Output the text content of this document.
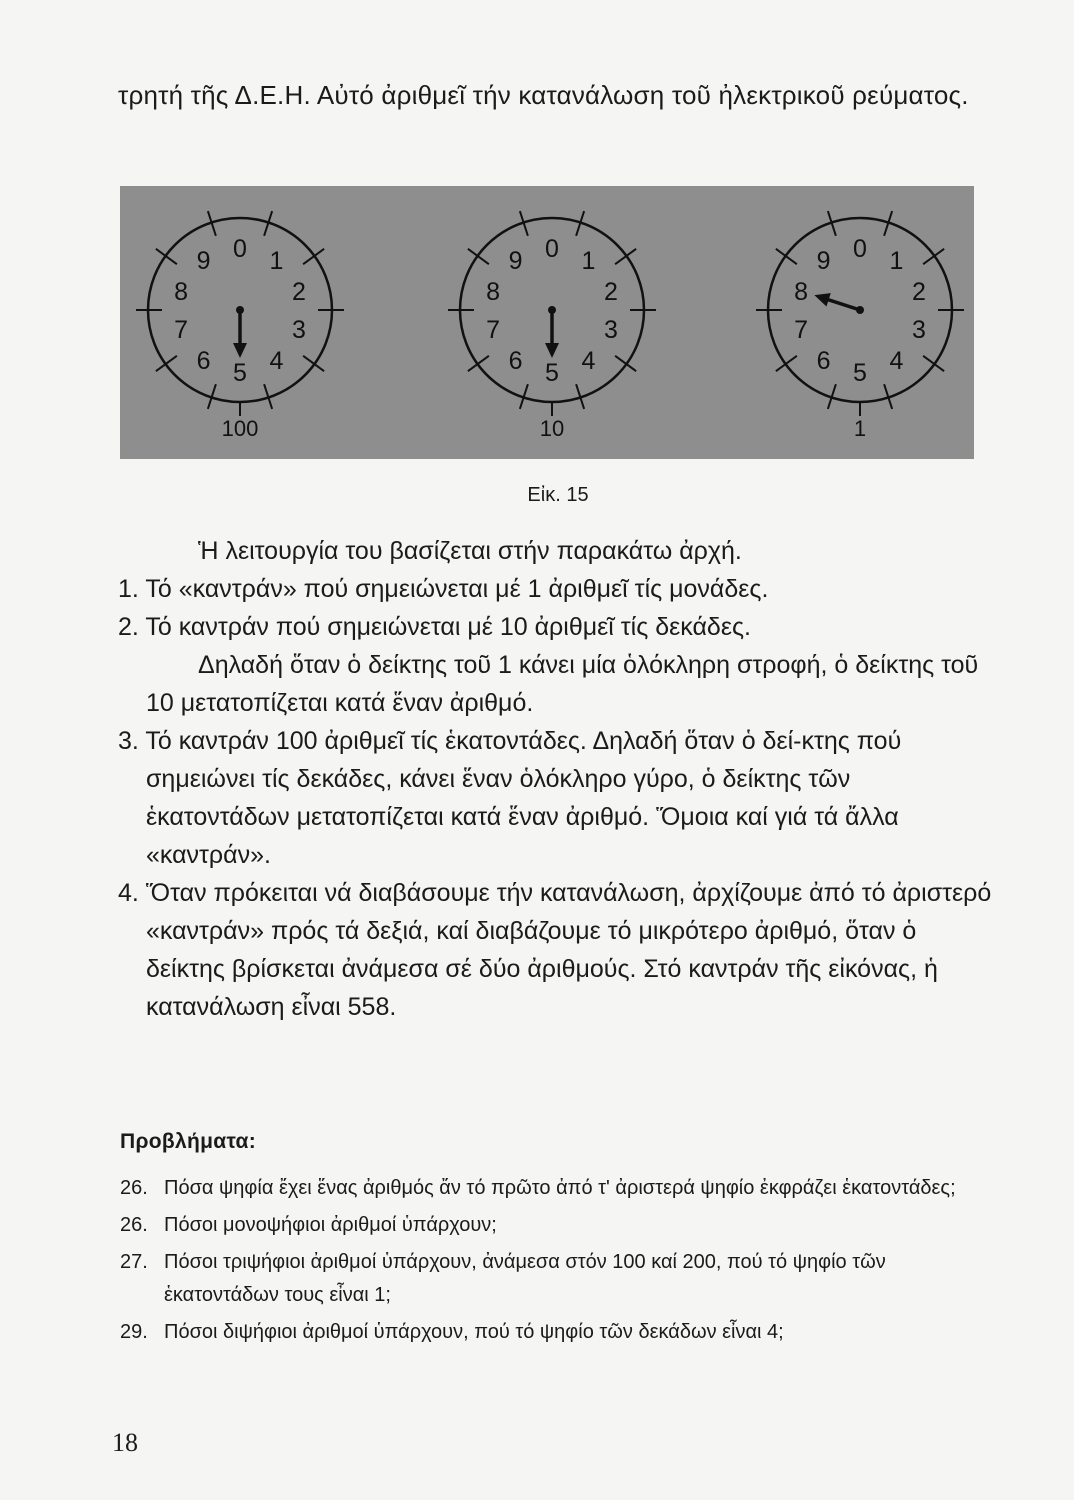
τρητή τῆς Δ.Ε.Η. Αὐτό ἀριθμεῖ τήν κατανάλωση τοῦ ἠλεκτρικοῦ ρεύματος.

0 1
2
3
4
5
6
7
8
9
100
0
9
8
7
6 5 4
3
2
1
10
0 1
2
3
4
5
6
7
8
9
1
Εἰκ. 15

Ἡ λειτουργία του βασίζεται στήν παρακάτω ἀρχή.

1. Τό «καντράν» πού σημειώνεται μέ 1 ἀριθμεῖ τίς μονάδες.

2. Τό καντράν πού σημειώνεται μέ 10 ἀριθμεῖ τίς δεκάδες.

Δηλαδή ὅταν ὁ δείκτης τοῦ 1 κάνει μία ὁλόκληρη στροφή, ὁ δείκτης τοῦ 10 μετατοπίζεται κατά ἕναν ἀριθμό.

3. Τό καντράν 100 ἀριθμεῖ τίς ἑκατοντάδες. Δηλαδή ὅταν ὁ δεί-κτης πού σημειώνει τίς δεκάδες, κάνει ἕναν ὁλόκληρο γύρο, ὁ δείκτης τῶν ἑκατοντάδων μετατοπίζεται κατά ἕναν ἀριθμό. Ὅμοια καί γιά τά ἄλλα «καντράν».

4. Ὅταν πρόκειται νά διαβάσουμε τήν κατανάλωση, ἀρχίζουμε ἀπό τό ἀριστερό «καντράν» πρός τά δεξιά, καί διαβάζουμε τό μικρότερο ἀριθμό, ὅταν ὁ δείκτης βρίσκεται ἀνάμεσα σέ δύο ἀριθμούς. Στό καντράν τῆς εἰκόνας, ἡ κατανάλωση εἶναι 558.

Προβλήματα:

26. Πόσα ψηφία ἔχει ἕνας ἀριθμός ἄν τό πρῶτο ἀπό τ' ἀριστερά ψηφίο ἐκφράζει ἑκατοντάδες;

26. Πόσοι μονοψήφιοι ἀριθμοί ὑπάρχουν;

27. Πόσοι τριψήφιοι ἀριθμοί ὑπάρχουν, ἀνάμεσα στόν 100 καί 200, πού τό ψηφίο τῶν ἑκατοντάδων τους εἶναι 1;

29. Πόσοι διψήφιοι ἀριθμοί ὑπάρχουν, πού τό ψηφίο τῶν δεκάδων εἶναι 4;

18
